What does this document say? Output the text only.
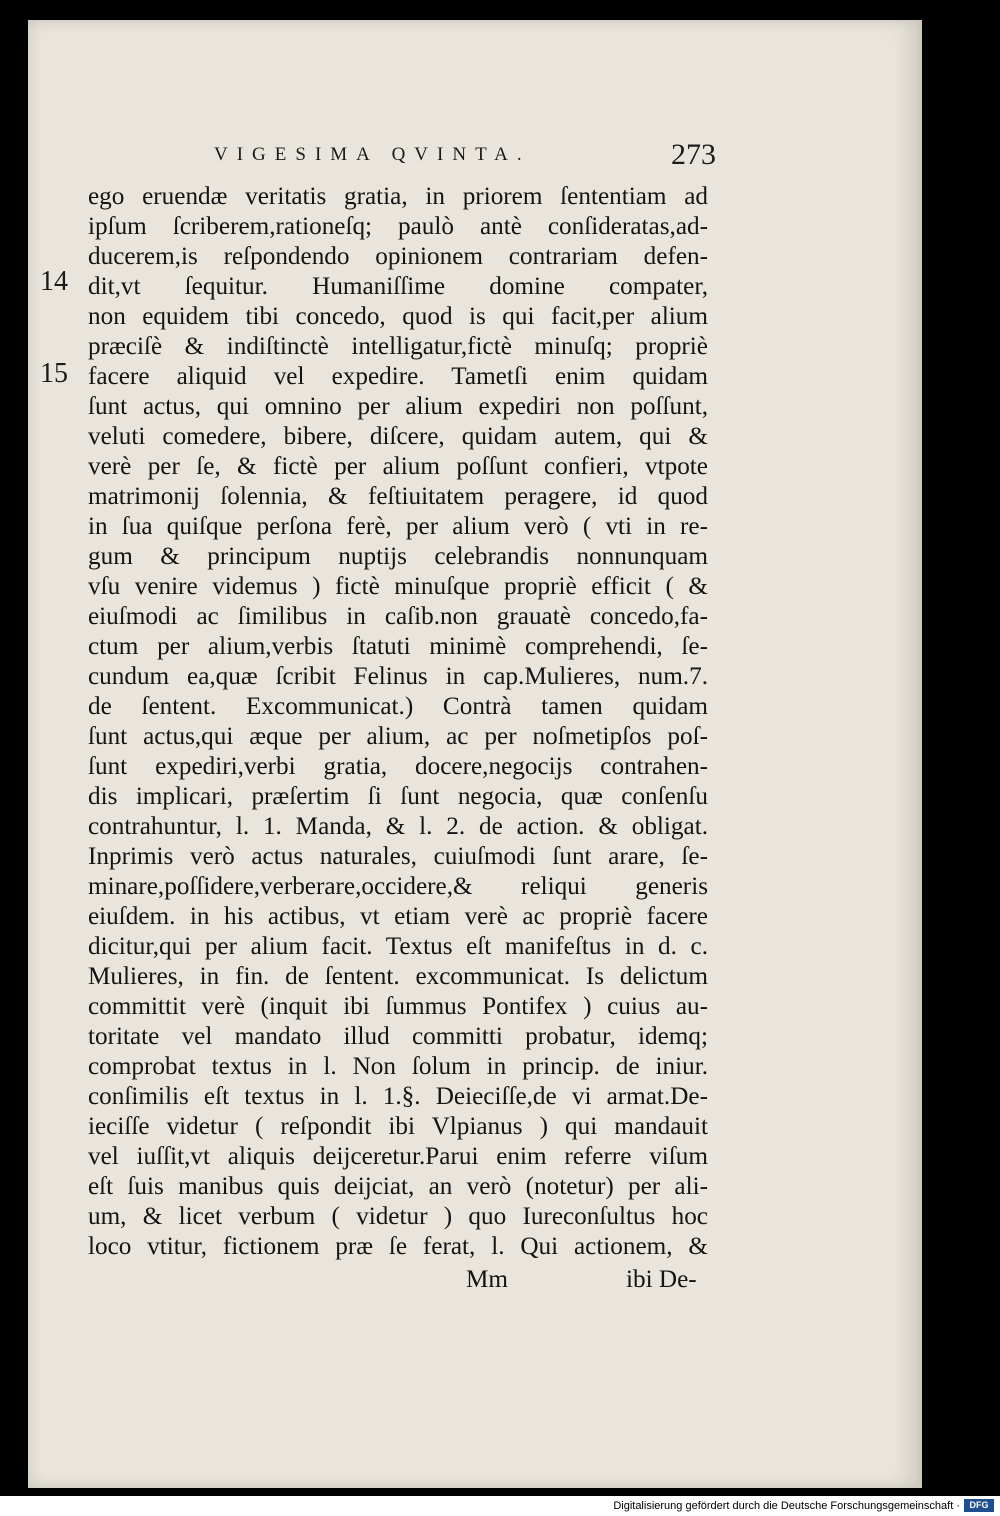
VIGESIMA QVINTA.	273
14
15
ego eruendæ veritatis gratia, in priorem ſententiam ad
ipſum ſcriberem,rationeſq; paulò antè conſideratas,ad-
ducerem,is reſpondendo opinionem contrariam defen-
dit,vt ſequitur. Humaniſſime domine compater,
non equidem tibi concedo, quod is qui facit,per alium
præciſè & indiſtinctè intelligatur,fictè minuſq; propriè
facere aliquid vel expedire. Tametſi enim quidam
ſunt actus, qui omnino per alium expediri non poſſunt,
veluti comedere, bibere, diſcere, quidam autem, qui &
verè per ſe, & fictè per alium poſſunt confieri, vtpote
matrimonij ſolennia, & feſtiuitatem peragere, id quod
in ſua quiſque perſona ferè, per alium verò ( vti in re-
gum & principum nuptijs celebrandis nonnunquam
vſu venire videmus ) fictè minuſque propriè efficit ( &
eiuſmodi ac ſimilibus in caſib.non grauatè concedo,fa-
ctum per alium,verbis ſtatuti minimè comprehendi, ſe-
cundum ea,quæ ſcribit Felinus in cap.Mulieres, num.7.
de ſentent. Excommunicat.) Contrà tamen quidam
ſunt actus,qui æque per alium, ac per noſmetipſos poſ-
ſunt expediri,verbi gratia, docere,negocijs contrahen-
dis implicari, præſertim ſi ſunt negocia, quæ conſenſu
contrahuntur, l. 1. Manda, & l. 2. de action. & obligat.
Inprimis verò actus naturales, cuiuſmodi ſunt arare, ſe-
minare,poſſidere,verberare,occidere,& reliqui generis
eiuſdem. in his actibus, vt etiam verè ac propriè facere
dicitur,qui per alium facit. Textus eſt manifeſtus in d. c.
Mulieres, in fin. de ſentent. excommunicat. Is delictum
committit verè (inquit ibi ſummus Pontifex ) cuius au-
toritate vel mandato illud committi probatur, idemq;
comprobat textus in l. Non ſolum in princip. de iniur.
conſimilis eſt textus in l. 1.§. Deieciſſe,de vi armat.De-
ieciſſe videtur ( reſpondit ibi Vlpianus ) qui mandauit
vel iuſſit,vt aliquis deijceretur.Parui enim referre viſum
eſt ſuis manibus quis deijciat, an verò (notetur) per ali-
um, & licet verbum ( videtur ) quo Iureconſultus hoc
loco vtitur, fictionem præ ſe ferat, l. Qui actionem, &
Mm	ibi De-
Digitalisierung gefördert durch die Deutsche Forschungsgemeinschaft ·	DFG
